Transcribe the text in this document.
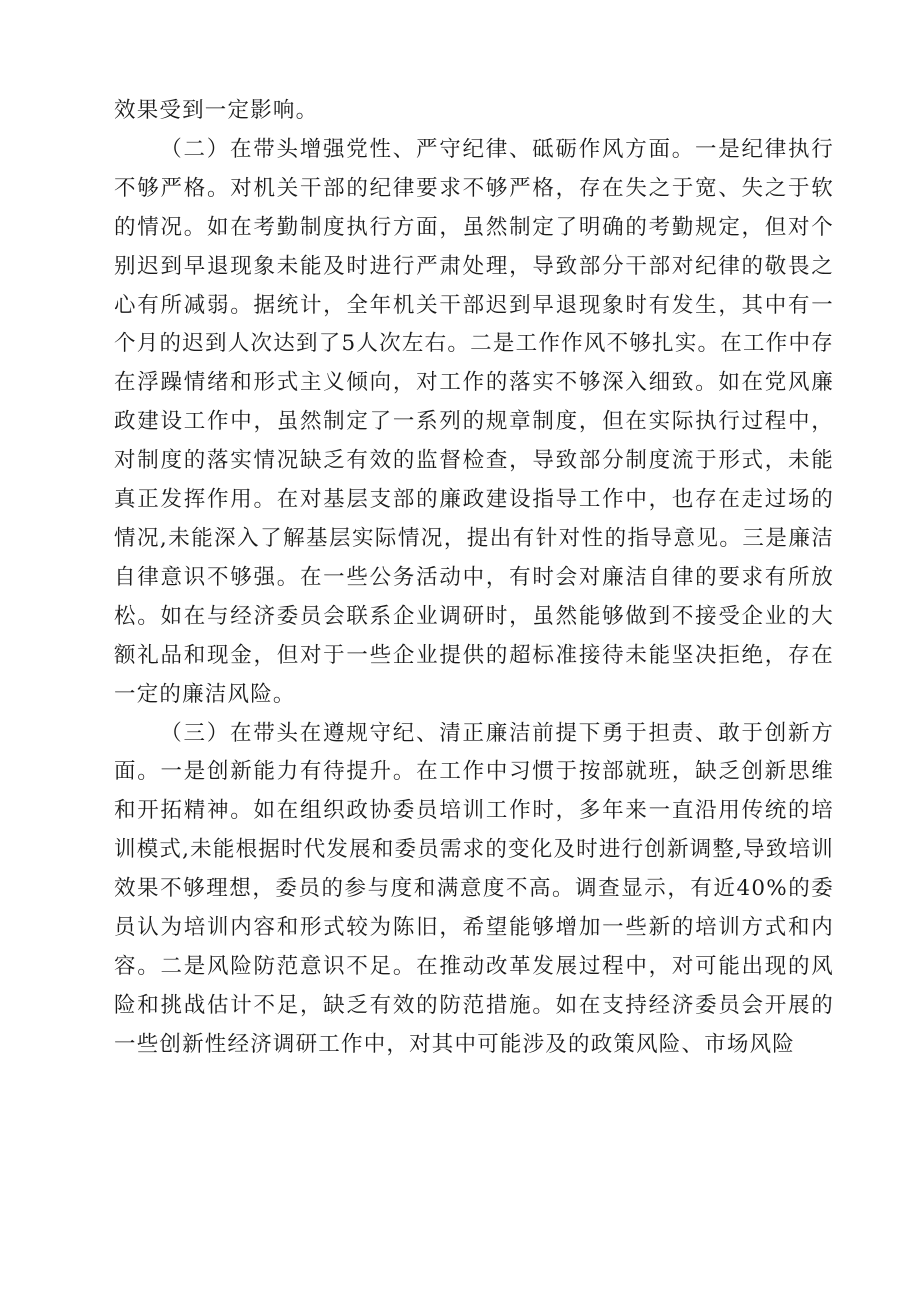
效果受到一定影响。

（二）在带头增强党性、严守纪律、砥砺作风方面。一是纪律执行不够严格。对机关干部的纪律要求不够严格，存在失之于宽、失之于软的情况。如在考勤制度执行方面，虽然制定了明确的考勤规定，但对个别迟到早退现象未能及时进行严肃处理，导致部分干部对纪律的敬畏之心有所减弱。据统计，全年机关干部迟到早退现象时有发生，其中有一个月的迟到人次达到了5人次左右。二是工作作风不够扎实。在工作中存在浮躁情绪和形式主义倾向，对工作的落实不够深入细致。如在党风廉政建设工作中，虽然制定了一系列的规章制度，但在实际执行过程中，对制度的落实情况缺乏有效的监督检查，导致部分制度流于形式，未能真正发挥作用。在对基层支部的廉政建设指导工作中，也存在走过场的情况,未能深入了解基层实际情况，提出有针对性的指导意见。三是廉洁自律意识不够强。在一些公务活动中，有时会对廉洁自律的要求有所放松。如在与经济委员会联系企业调研时，虽然能够做到不接受企业的大额礼品和现金，但对于一些企业提供的超标准接待未能坚决拒绝，存在一定的廉洁风险。

（三）在带头在遵规守纪、清正廉洁前提下勇于担责、敢于创新方面。一是创新能力有待提升。在工作中习惯于按部就班，缺乏创新思维和开拓精神。如在组织政协委员培训工作时，多年来一直沿用传统的培训模式,未能根据时代发展和委员需求的变化及时进行创新调整,导致培训效果不够理想，委员的参与度和满意度不高。调查显示，有近40%的委员认为培训内容和形式较为陈旧，希望能够增加一些新的培训方式和内容。二是风险防范意识不足。在推动改革发展过程中，对可能出现的风险和挑战估计不足，缺乏有效的防范措施。如在支持经济委员会开展的一些创新性经济调研工作中，对其中可能涉及的政策风险、市场风险
